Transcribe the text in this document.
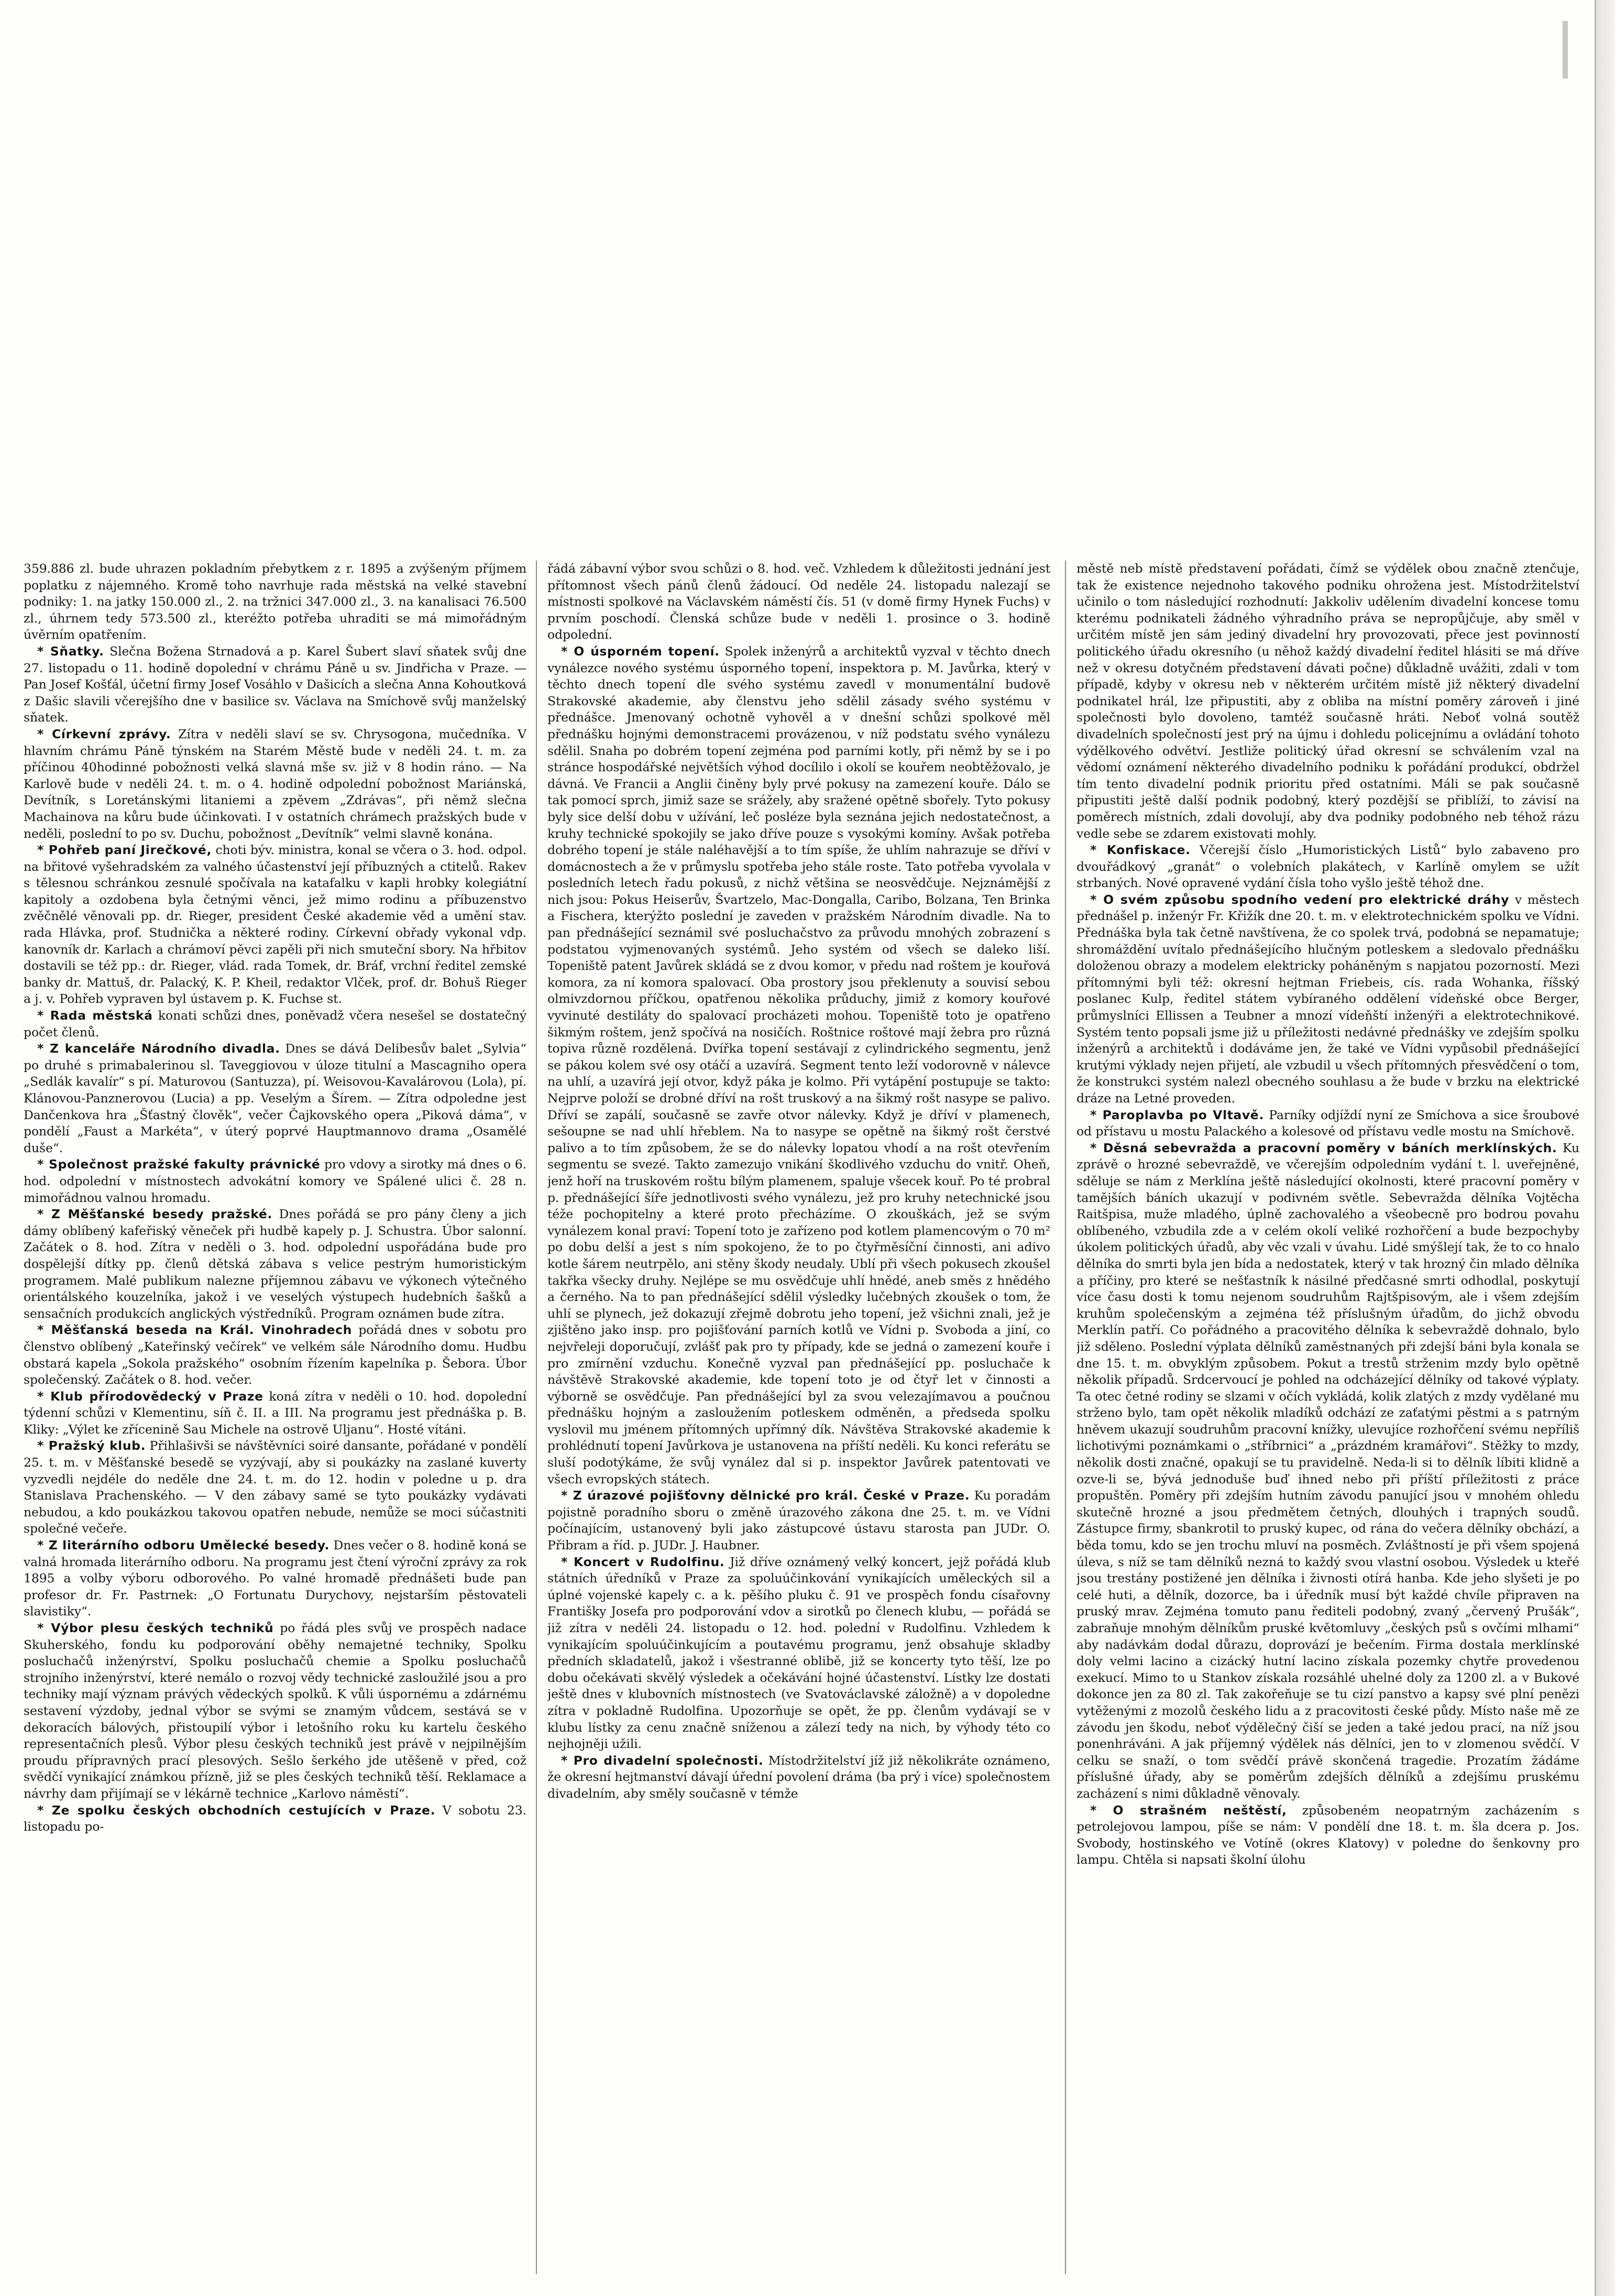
359.886 zl. bude uhrazen pokladním přebytkem z r. 1895 a zvýšeným příjmem poplatku z nájemného. Kromě toho navrhuje rada městská na velké stavební podniky: 1. na jatky 150.000 zl., 2. na tržnici 347.000 zl., 3. na kanalisaci 76.500 zl., úhrnem tedy 573.500 zl., kteréžto potřeba uhraditi se má mimořádným úvěrním opatřením.

* Sňatky. Slečna Božena Strnadová a p. Karel Šubert slaví sňatek svůj dne 27. listopadu o 11. hodině dopolední v chrámu Páně u sv. Jindřicha v Praze. — Pan Josef Košťál, účetní firmy Josef Vosáhlo v Dašicích a slečna Anna Kohoutková z Dašic slavili včerejšího dne v basilice sv. Václava na Smíchově svůj manželský sňatek.

* Církevní zprávy. Zítra v neděli slaví se sv. Chrysogona, mučedníka. V hlavním chrámu Páně týnském na Starém Městě bude v neděli 24. t. m. za příčinou 40hodinné pobožnosti velká slavná mše sv. již v 8 hodin ráno. — Na Karlově bude v neděli 24. t. m. o 4. hodině odpolední pobožnost Mariánská, Devítník, s Loretánskými litaniemi a zpěvem „Zdrávas“, při němž slečna Machainova na kůru bude účinkovati. I v ostatních chrámech pražských bude v neděli, poslední to po sv. Duchu, pobožnost „Devítník“ velmi slavně konána.

* Pohřeb paní Jirečkové, choti býv. ministra, konal se včera o 3. hod. odpol. na břitové vyšehradském za valného účastenství její příbuzných a ctitelů. Rakev s tělesnou schránkou zesnulé spočívala na katafalku v kapli hrobky kolegiátní kapitoly a ozdobena byla četnými věnci, jež mimo rodinu a příbuzenstvo zvěčnělé věnovali pp. dr. Rieger, president České akademie věd a umění stav. rada Hlávka, prof. Studnička a některé rodiny. Církevní obřady vykonal vdp. kanovník dr. Karlach a chrámoví pěvci zapěli při nich smuteční sbory. Na hřbitov dostavili se též pp.: dr. Rieger, vlád. rada Tomek, dr. Bráf, vrchní ředitel zemské banky dr. Mattuš, dr. Palacký, K. P. Kheil, redaktor Vlček, prof. dr. Bohuš Rieger a j. v. Pohřeb vypraven byl ústavem p. K. Fuchse st.

* Rada městská konati schůzi dnes, poněvadž včera nesešel se dostatečný počet členů.

* Z kanceláře Národního divadla. Dnes se dává Delibesův balet „Sylvia“ po druhé s primabalerinou sl. Taveggiovou v úloze titulní a Mascagniho opera „Sedlák kavalír“ s pí. Maturovou (Santuzza), pí. Weisovou-Kavalárovou (Lola), pí. Klánovou-Panznerovou (Lucia) a pp. Veselým a Šírem. — Zítra odpoledne jest Dančenkova hra „Šťastný člověk“, večer Čajkovského opera „Piková dáma“, v pondělí „Faust a Markéta“, v úterý poprvé Hauptmannovo drama „Osamělé duše“.

* Společnost pražské fakulty právnické pro vdovy a sirotky má dnes o 6. hod. odpolední v místnostech advokátní komory ve Spálené ulici č. 28 n. mimořádnou valnou hromadu.

* Z Měšťanské besedy pražské. Dnes pořádá se pro pány členy a jich dámy oblíbený kafeřiský věneček při hudbě kapely p. J. Schustra. Úbor salonní. Začátek o 8. hod. Zítra v neděli o 3. hod. odpolední uspořádána bude pro dospělejší dítky pp. členů dětská zábava s velice pestrým humoristickým programem. Malé publikum nalezne příjemnou zábavu ve výkonech výtečného orientálského kouzelníka, jakož i ve veselých výstupech hudebních šašků a sensačních produkcích anglických výstředníků. Program oznámen bude zítra.

* Měšťanská beseda na Král. Vinohradech pořádá dnes v sobotu pro členstvo oblíbený „Kateřinský večírek“ ve velkém sále Národního domu. Hudbu obstará kapela „Sokola pražského“ osobním řízením kapelníka p. Šebora. Úbor společenský. Začátek o 8. hod. večer.

* Klub přírodovědecký v Praze koná zítra v neděli o 10. hod. dopolední týdenní schůzi v Klementinu, síň č. II. a III. Na programu jest přednáška p. B. Kliky: „Výlet ke zřícenině Sau Michele na ostrově Uljanu“. Hosté vítáni.

* Pražský klub. Přihlašivši se návštěvníci soiré dansante, pořádané v pondělí 25. t. m. v Měšťanské besedě se vyzývají, aby si poukázky na zaslané kuverty vyzvedli nejdéle do neděle dne 24. t. m. do 12. hodin v poledne u p. dra Stanislava Prachenského. — V den zábavy samé se tyto poukázky vydávati nebudou, a kdo poukázkou takovou opatřen nebude, nemůže se moci súčastniti společné večeře.

* Z literárního odboru Umělecké besedy. Dnes večer o 8. hodině koná se valná hromada literárního odboru. Na programu jest čtení výroční zprávy za rok 1895 a volby výboru odborového. Po valné hromadě přednášeti bude pan profesor dr. Fr. Pastrnek: „O Fortunatu Durychovy, nejstarším pěstovateli slavistiky“.

* Výbor plesu českých techniků po řádá ples svůj ve prospěch nadace Skuherského, fondu ku podporování oběhy nemajetné techniky, Spolku posluchačů inženýrství, Spolku posluchačů chemie a Spolku posluchačů strojního inženýrství, které nemálo o rozvoj vědy technické zasloužilé jsou a pro techniky mají význam právých vědeckých spolků. K vůli úspornému a zdárnému sestavení výzdoby, jednal výbor se svými se znamým vůdcem, sestává se v dekoracích bálových, přistoupilí výbor i letošního roku ku kartelu českého representačních plesů. Výbor plesu českých techniků jest právě v nejpilnějším proudu přípravných prací plesových. Sešlo šerkého jde utěšeně v před, což svědčí vynikající známkou přízně, již se ples českých techniků těší. Reklamace a návrhy dam přijímají se v lékárně technice „Karlovo náměstí“.

* Ze spolku českých obchodních cestujících v Praze. V sobotu 23. listopadu po-

řádá zábavní výbor svou schůzi o 8. hod. več. Vzhledem k důležitosti jednání jest přítomnost všech pánů členů žádoucí. Od neděle 24. listopadu nalezají se místnosti spolkové na Václavském náměstí čís. 51 (v domě firmy Hynek Fuchs) v prvním poschodí. Členská schůze bude v neděli 1. prosince o 3. hodině odpolední.

* O úsporném topení. Spolek inženýrů a architektů vyzval v těchto dnech vynálezce nového systému úsporného topení, inspektora p. M. Javůrka, který v těchto dnech topení dle svého systému zavedl v monumentální budově Strakovské akademie, aby členstvu jeho sdělil zásady svého systému v přednášce. Jmenovaný ochotně vyhověl a v dnešní schůzi spolkové měl přednášku hojnými demonstracemi provázenou, v níž podstatu svého vynálezu sdělil. Snaha po dobrém topení zejména pod parními kotly, při němž by se i po stránce hospodářské největších výhod docílilo i okolí se kouřem neobtěžovalo, je dávná. Ve Francii a Anglii činěny byly prvé pokusy na zamezení kouře. Dálo se tak pomocí sprch, jimiž saze se srážely, aby sražené opětně sbořely. Tyto pokusy byly sice delší dobu v užívání, leč posléze byla seznána jejich nedostatečnost, a kruhy technické spokojily se jako dříve pouze s vysokými komíny. Avšak potřeba dobrého topení je stále naléhavější a to tím spíše, že uhlím nahrazuje se dříví v domácnostech a že v průmyslu spotřeba jeho stále roste. Tato potřeba vyvolala v posledních letech řadu pokusů, z nichž většina se neosvědčuje. Nejznámější z nich jsou: Pokus Heiserův, Švartzelo, Mac-Dongalla, Caribo, Bolzana, Ten Brinka a Fischera, kterýžto poslední je zaveden v pražském Národním divadle. Na to pan přednášející seznámil své posluchačstvo za průvodu mnohých zobrazení s podstatou vyjmenovaných systémů. Jeho systém od všech se daleko liší. Topeniště patent Javůrek skládá se z dvou komor, v předu nad roštem je kouřová komora, za ní komora spalovací. Oba prostory jsou překlenuty a souvisí sebou olmivzdornou příčkou, opatřenou několika průduchy, jimiž z komory kouřové vyvinuté destiláty do spalovací procházeti mohou. Topeniště toto je opatřeno šikmým roštem, jenž spočívá na nosičích. Roštnice roštové mají žebra pro různá topiva různě rozdělená. Dvířka topení sestávají z cylindrického segmentu, jenž se pákou kolem své osy otáčí a uzavírá. Segment tento leží vodorovně v nálevce na uhlí, a uzavírá její otvor, když páka je kolmo. Při vytápění postupuje se takto: Nejprve položí se drobné dříví na rošt truskový a na šikmý rošt nasype se palivo. Dříví se zapálí, současně se zavře otvor nálevky. Když je dříví v plamenech, sešoupne se nad uhlí hřeblem. Na to nasype se opětně na šikmý rošt čerstvé palivo a to tím způsobem, že se do nálevky lopatou vhodí a na rošt otevřením segmentu se svezé. Takto zamezujo vnikání škodlivého vzduchu do vnitř. Oheň, jenž hoří na truskovém roštu bílým plamenem, spaluje všecek kouř. Po té probral p. přednášející šíře jednotlivosti svého vynálezu, jež pro kruhy netechnické jsou téže pochopitelny a které proto přecházíme. O zkouškách, jež se svým vynálezem konal praví: Topení toto je zařízeno pod kotlem plamencovým o 70 m² po dobu delší a jest s ním spokojeno, že to po čtyřměsíční činnosti, ani adivo kotle šárem neutrpělo, ani stěny škody neudaly. Ublí při všech pokusech zkoušel takřka všecky druhy. Nejlépe se mu osvědčuje uhlí hnědé, aneb směs z hnědého a černého. Na to pan přednášející sdělil výsledky lučebných zkoušek o tom, že uhlí se plynech, jež dokazují zřejmě dobrotu jeho topení, jež všichni znali, jež je zjištěno jako insp. pro pojišťování parních kotlů ve Vídni p. Svoboda a jiní, co nejvřeleji doporučují, zvlášť pak pro ty případy, kde se jedná o zamezení kouře i pro zmírnění vzduchu. Konečně vyzval pan přednášející pp. posluchače k návštěvě Strakovské akademie, kde topení toto je od čtyř let v činnosti a výborně se osvědčuje. Pan přednášející byl za svou velezajímavou a poučnou přednášku hojným a zasloužením potleskem odměněn, a předseda spolku vyslovil mu jménem přítomných upřímný dík. Návštěva Strakovské akademie k prohlédnutí topení Javůrkova je ustanovena na příští neděli. Ku konci referátu se sluší podotýkáme, že svůj vynález dal si p. inspektor Javůrek patentovati ve všech evropských státech.

* Z úrazové pojišťovny dělnické pro král. České v Praze. Ku poradám pojistně poradního sboru o změně úrazového zákona dne 25. t. m. ve Vídni počínajícím, ustanovený byli jako zástupcové ústavu starosta pan JUDr. O. Přibram a říd. p. JUDr. J. Haubner.

* Koncert v Rudolfinu. Již dříve oznámený velký koncert, jejž pořádá klub státních úředníků v Praze za spoluúčinkování vynikajících uměleckých sil a úplné vojenské kapely c. a k. pěšího pluku č. 91 ve prospěch fondu císařovny Františky Josefa pro podporování vdov a sirotků po členech klubu, — pořádá se již zítra v neděli 24. listopadu o 12. hod. polední v Rudolfinu. Vzhledem k vynikajícím spoluúčinkujícím a poutavému programu, jenž obsahuje skladby předních skladatelů, jakož i všestranné oblibě, již se koncerty tyto těší, lze po dobu očekávati skvělý výsledek a očekávání hojné účastenství. Lístky lze dostati ještě dnes v klubovních místnostech (ve Svatováclavské záložně) a v dopoledne zítra v pokladně Rudolfina. Upozorňuje se opět, že pp. členům vydávají se v klubu lístky za cenu značně sníženou a zálezí tedy na nich, by výhody této co nejhojněji užili.

* Pro divadelní společnosti. Místodržitelství jíž již několikráte oznámeno, že okresní hejtmanství dávají úřední povolení dráma (ba prý i více) společnostem divadelním, aby směly současně v témže

městě neb místě představení pořádati, čímž se výdělek obou značně ztenčuje, tak že existence nejednoho takového podniku ohrožena jest. Místodržitelství učinilo o tom následující rozhodnutí: Jakkoliv udělením divadelní koncese tomu kterému podnikateli žádného výhradního práva se nepropůjčuje, aby směl v určitém místě jen sám jediný divadelní hry provozovati, přece jest povinností politického úřadu okresního (u něhož každý divadelní ředitel hlásiti se má dříve než v okresu dotyčném představení dávati počne) důkladně uvážiti, zdali v tom případě, kdyby v okresu neb v některém určitém místě již některý divadelní podnikatel hrál, lze připustiti, aby z obliba na místní poměry zároveň i jiné společnosti bylo dovoleno, tamtéž současně hráti. Neboť volná soutěž divadelních společností jest prý na újmu i dohledu policejnímu a ovládání tohoto výdělkového odvětví. Jestliže politický úřad okresní se schválením vzal na vědomí oznámení některého divadelního podniku k pořádání produkcí, obdržel tím tento divadelní podnik prioritu před ostatními. Máli se pak současně připustiti ještě další podnik podobný, který pozdější se přiblíží, to závisí na poměrech místních, zdali dovolují, aby dva podniky podobného neb téhož rázu vedle sebe se zdarem existovati mohly.

* Konfiskace. Včerejší číslo „Humoristických Listů“ bylo zabaveno pro dvouřádkový „granát“ o volebních plakátech, v Karlíně omylem se užít strbaných. Nové opravené vydání čísla toho vyšlo ještě téhož dne.

* O svém způsobu spodního vedení pro elektrické dráhy v městech přednášel p. inženýr Fr. Křižík dne 20. t. m. v elektrotechnickém spolku ve Vídni. Přednáška byla tak četně navštívena, že co spolek trvá, podobná se nepamatuje; shromáždění uvítalo přednášejícího hlučným potleskem a sledovalo přednášku doloženou obrazy a modelem elektricky poháněným s napjatou pozorností. Mezi přítomnými byli též: okresní hejtman Friebeis, cís. rada Wohanka, říšský poslanec Kulp, ředitel státem vybíraného oddělení vídeňské obce Berger, průmyslníci Ellissen a Teubner a mnozí vídeňští inženýři a elektrotechnikové. Systém tento popsali jsme již u příležitosti nedávné přednášky ve zdejším spolku inženýrů a architektů i dodáváme jen, že také ve Vídni vypůsobil přednášející krutými výklady nejen přijetí, ale vzbudil u všech přítomných přesvědčení o tom, že konstrukci systém nalezl obecného souhlasu a že bude v brzku na elektrické dráze na Letné proveden.

* Paroplavba po Vltavě. Parníky odjíždí nyní ze Smíchova a sice šroubové od přístavu u mostu Palackého a kolesové od přístavu vedle mostu na Smíchově.

* Děsná sebevražda a pracovní poměry v báních merklínských. Ku zprávě o hrozné sebevraždě, ve včerejším odpoledním vydání t. l. uveřejněné, sděluje se nám z Merklína ještě následující okolnosti, které pracovní poměry v tamějších báních ukazují v podivném světle. Sebevražda dělníka Vojtěcha Raitšpisa, muže mladého, úplně zachovalého a všeobecně pro bodrou povahu oblíbeného, vzbudila zde a v celém okolí veliké rozhořčení a bude bezpochyby úkolem politických úřadů, aby věc vzali v úvahu. Lidé smýšlejí tak, že to co hnalo dělníka do smrti byla jen bída a nedostatek, který v tak hrozný čin mlado dělníka a příčiny, pro které se nešťastník k násilné předčasné smrti odhodlal, poskytují více času dosti k tomu nejenom soudruhům Rajtšpisovým, ale i všem zdejším kruhům společenským a zejména též příslušným úřadům, do jichž obvodu Merklín patří. Co pořádného a pracovitého dělníka k sebevraždě dohnalo, bylo již sděleno. Poslední výplata dělníků zaměstnaných při zdejší báni byla konala se dne 15. t. m. obvyklým způsobem. Pokut a trestů strženim mzdy bylo opětně několik případů. Srdcervoucí je pohled na odcházející dělníky od takové výplaty. Ta otec četné rodiny se slzami v očích vykládá, kolik zlatých z mzdy vydělané mu strženo bylo, tam opět několik mladíků odchází ze zaťatými pěstmi a s patrným hněvem ukazují soudruhům pracovní knížky, ulevujíce rozhořčení svému nepříliš lichotivými poznámkami o „stříbrnici“ a „prázdném kramářovi“. Stěžky to mzdy, několik dosti značné, opakují se tu pravidelně. Neda-li si to dělník líbiti klidně a ozve-li se, bývá jednoduše buď ihned nebo při příští příležitosti z práce propuštěn. Poměry při zdejším hutním závodu panující jsou v mnohém ohledu skutečně hrozné a jsou předmětem četných, dlouhých i trapných soudů. Zástupce firmy, sbankrotil to pruský kupec, od rána do večera dělníky obchází, a běda tomu, kdo se jen trochu mluví na posměch. Zvláštností je při všem spojená úleva, s níž se tam dělníků nezná to každý svou vlastní osobou. Výsledek u kteřé jsou trestány postižené jen dělníka i živnosti otírá hanba. Kde jeho slyšeti je po celé huti, a dělník, dozorce, ba i úředník musí být každé chvíle připraven na pruský mrav. Zejména tomuto panu řediteli podobný, zvaný „červený Prušák“, zabraňuje mnohým dělníkům pruské květomluvy „českých psů s ovčími mlhami“ aby nadávkám dodal důrazu, doprovází je bečením. Firma dostala merklínské doly velmi lacino a cizácký hutní lacino získala pozemky chytře provedenou exekucí. Mimo to u Stankov získala rozsáhlé uhelné doly za 1200 zl. a v Bukové dokonce jen za 80 zl. Tak zakořeňuje se tu cizí panstvo a kapsy své plní penězi vytěženými z mozolů českého lidu a z pracovitosti české půdy. Místo naše mě ze závodu jen škodu, neboť výdělečný čiší se jeden a také jedou prací, na níž jsou ponenhráváni. A jak příjemný výdělek nás dělníci, jen to v zlomenou svědčí. V celku se snaží, o tom svědčí právě skončená tragedie. Prozatím žádáme příslušné úřady, aby se poměrům zdejších dělníků a zdejšímu pruskému zacházení s nimi důkladně věnovaly.

* O strašném neštěstí, způsobeném neopatrným zacházením s petrolejovou lampou, píše se nám: V pondělí dne 18. t. m. šla dcera p. Jos. Svobody, hostinského ve Votíně (okres Klatovy) v poledne do šenkovny pro lampu. Chtěla si napsati školní úlohu
